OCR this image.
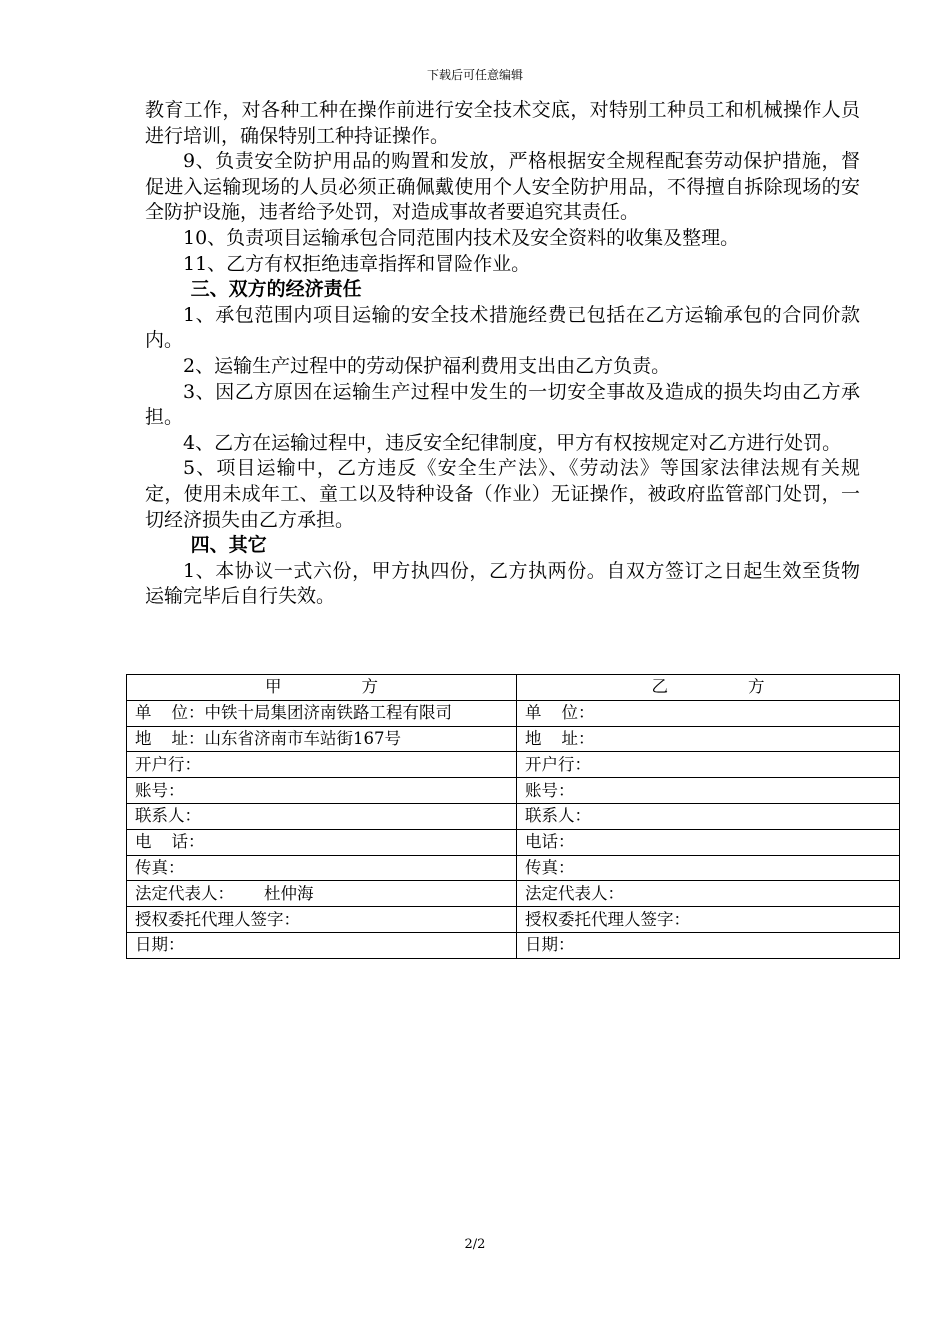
下载后可任意编辑

教育工作，对各种工种在操作前进行安全技术交底，对特别工种员工和机械操作人员进行培训，确保特别工种持证操作。

9、负责安全防护用品的购置和发放，严格根据安全规程配套劳动保护措施，督促进入运输现场的人员必须正确佩戴使用个人安全防护用品，不得擅自拆除现场的安全防护设施，违者给予处罚，对造成事故者要追究其责任。

10、负责项目运输承包合同范围内技术及安全资料的收集及整理。

11、乙方有权拒绝违章指挥和冒险作业。

三、双方的经济责任

1、承包范围内项目运输的安全技术措施经费已包括在乙方运输承包的合同价款内。

2、运输生产过程中的劳动保护福利费用支出由乙方负责。

3、因乙方原因在运输生产过程中发生的一切安全事故及造成的损失均由乙方承担。

4、乙方在运输过程中，违反安全纪律制度，甲方有权按规定对乙方进行处罚。

5、项目运输中，乙方违反《安全生产法》、《劳动法》等国家法律法规有关规定，使用未成年工、童工以及特种设备（作业）无证操作，被政府监管部门处罚，一切经济损失由乙方承担。

四、其它

1、本协议一式六份，甲方执四份，乙方执两份。自双方签订之日起生效至货物运输完毕后自行失效。

甲 方	乙 方
单 位：中铁十局集团济南铁路工程有限司	单 位：
地 址：山东省济南市车站街167号	地 址：
开户行：	开户行：
账号：	账号：
联系人：	联系人：
电 话：	电话：
传真：	传真：
法定代表人： 杜仲海	法定代表人：
授权委托代理人签字：	授权委托代理人签字：
日期：	日期：
2/2
